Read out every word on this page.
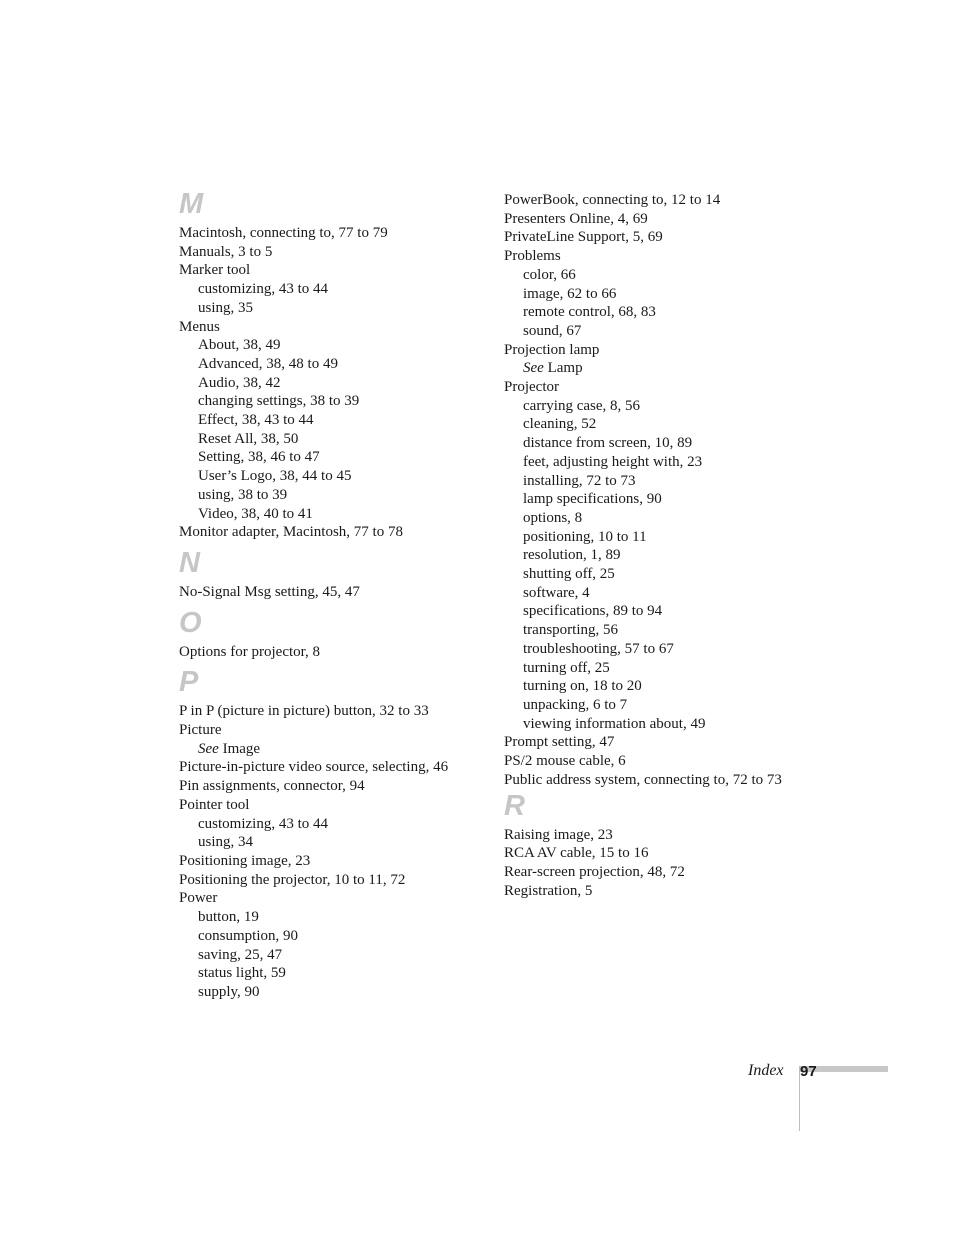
M
Macintosh, connecting to, 77 to 79
Manuals, 3 to 5
Marker tool
customizing, 43 to 44
using, 35
Menus
About, 38, 49
Advanced, 38, 48 to 49
Audio, 38, 42
changing settings, 38 to 39
Effect, 38, 43 to 44
Reset All, 38, 50
Setting, 38, 46 to 47
User’s Logo, 38, 44 to 45
using, 38 to 39
Video, 38, 40 to 41
Monitor adapter, Macintosh, 77 to 78
N
No-Signal Msg setting, 45, 47
O
Options for projector, 8
P
P in P (picture in picture) button, 32 to 33
Picture
See Image
Picture-in-picture video source, selecting, 46
Pin assignments, connector, 94
Pointer tool
customizing, 43 to 44
using, 34
Positioning image, 23
Positioning the projector, 10 to 11, 72
Power
button, 19
consumption, 90
saving, 25, 47
status light, 59
supply, 90
PowerBook, connecting to, 12 to 14
Presenters Online, 4, 69
PrivateLine Support, 5, 69
Problems
color, 66
image, 62 to 66
remote control, 68, 83
sound, 67
Projection lamp
See Lamp
Projector
carrying case, 8, 56
cleaning, 52
distance from screen, 10, 89
feet, adjusting height with, 23
installing, 72 to 73
lamp specifications, 90
options, 8
positioning, 10 to 11
resolution, 1, 89
shutting off, 25
software, 4
specifications, 89 to 94
transporting, 56
troubleshooting, 57 to 67
turning off, 25
turning on, 18 to 20
unpacking, 6 to 7
viewing information about, 49
Prompt setting, 47
PS/2 mouse cable, 6
Public address system, connecting to, 72 to 73
R
Raising image, 23
RCA AV cable, 15 to 16
Rear-screen projection, 48, 72
Registration, 5
Index 97
